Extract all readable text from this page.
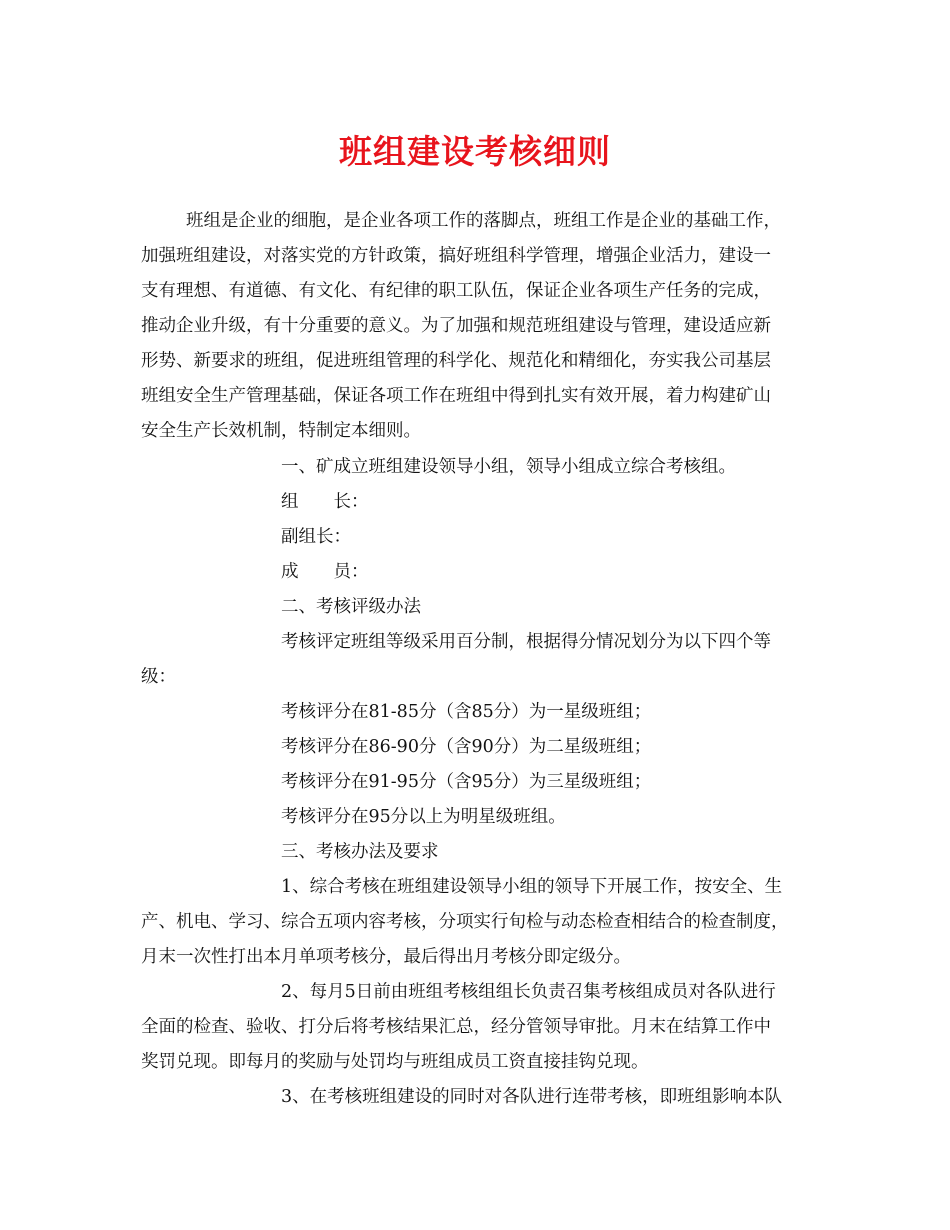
班组建设考核细则
班组是企业的细胞，是企业各项工作的落脚点，班组工作是企业的基础工作，
加强班组建设，对落实党的方针政策，搞好班组科学管理，增强企业活力，建设一
支有理想、有道德、有文化、有纪律的职工队伍，保证企业各项生产任务的完成，
推动企业升级，有十分重要的意义。为了加强和规范班组建设与管理，建设适应新
形势、新要求的班组，促进班组管理的科学化、规范化和精细化，夯实我公司基层
班组安全生产管理基础，保证各项工作在班组中得到扎实有效开展，着力构建矿山
安全生产长效机制，特制定本细则。
一、矿成立班组建设领导小组，领导小组成立综合考核组。
组　　长：
副组长：
成　　员：
二、考核评级办法
考核评定班组等级采用百分制，根据得分情况划分为以下四个等
级：
考核评分在81-85分（含85分）为一星级班组；
考核评分在86-90分（含90分）为二星级班组；
考核评分在91-95分（含95分）为三星级班组；
考核评分在95分以上为明星级班组。
三、考核办法及要求
1、综合考核在班组建设领导小组的领导下开展工作，按安全、生
产、机电、学习、综合五项内容考核，分项实行旬检与动态检查相结合的检查制度，
月末一次性打出本月单项考核分，最后得出月考核分即定级分。
2、每月5日前由班组考核组组长负责召集考核组成员对各队进行
全面的检查、验收、打分后将考核结果汇总，经分管领导审批。月末在结算工作中
奖罚兑现。即每月的奖励与处罚均与班组成员工资直接挂钩兑现。
3、在考核班组建设的同时对各队进行连带考核，即班组影响本队
